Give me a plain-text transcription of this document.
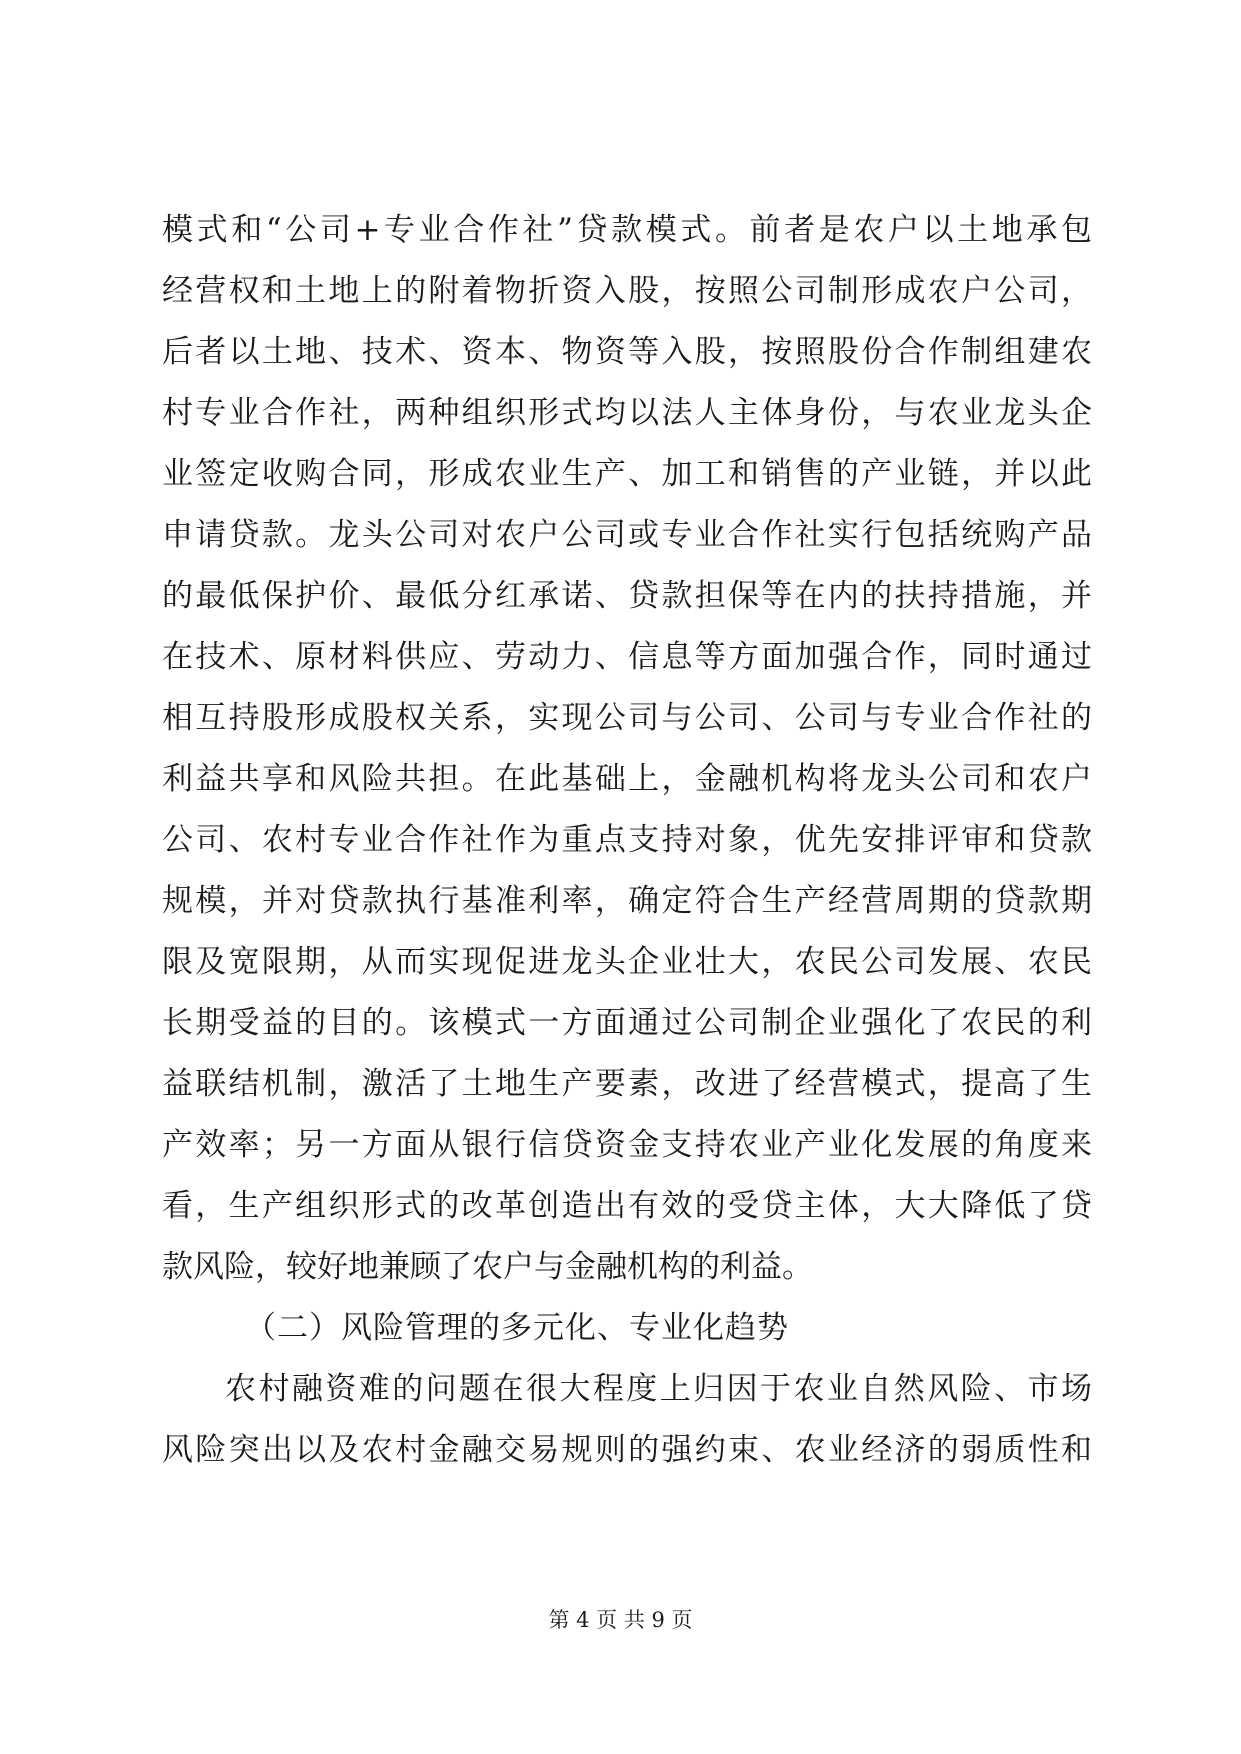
模式和“公司+专业合作社”贷款模式。前者是农户以土地承包
经营权和土地上的附着物折资入股，按照公司制形成农户公司，
后者以土地、技术、资本、物资等入股，按照股份合作制组建农
村专业合作社，两种组织形式均以法人主体身份，与农业龙头企
业签定收购合同，形成农业生产、加工和销售的产业链，并以此
申请贷款。龙头公司对农户公司或专业合作社实行包括统购产品
的最低保护价、最低分红承诺、贷款担保等在内的扶持措施，并
在技术、原材料供应、劳动力、信息等方面加强合作，同时通过
相互持股形成股权关系，实现公司与公司、公司与专业合作社的
利益共享和风险共担。在此基础上，金融机构将龙头公司和农户
公司、农村专业合作社作为重点支持对象，优先安排评审和贷款
规模，并对贷款执行基准利率，确定符合生产经营周期的贷款期
限及宽限期，从而实现促进龙头企业壮大，农民公司发展、农民
长期受益的目的。该模式一方面通过公司制企业强化了农民的利
益联结机制，激活了土地生产要素，改进了经营模式，提高了生
产效率；另一方面从银行信贷资金支持农业产业化发展的角度来
看，生产组织形式的改革创造出有效的受贷主体，大大降低了贷
款风险，较好地兼顾了农户与金融机构的利益。
（二）风险管理的多元化、专业化趋势
农村融资难的问题在很大程度上归因于农业自然风险、市场
风险突出以及农村金融交易规则的强约束、农业经济的弱质性和
第 4 页 共 9 页
